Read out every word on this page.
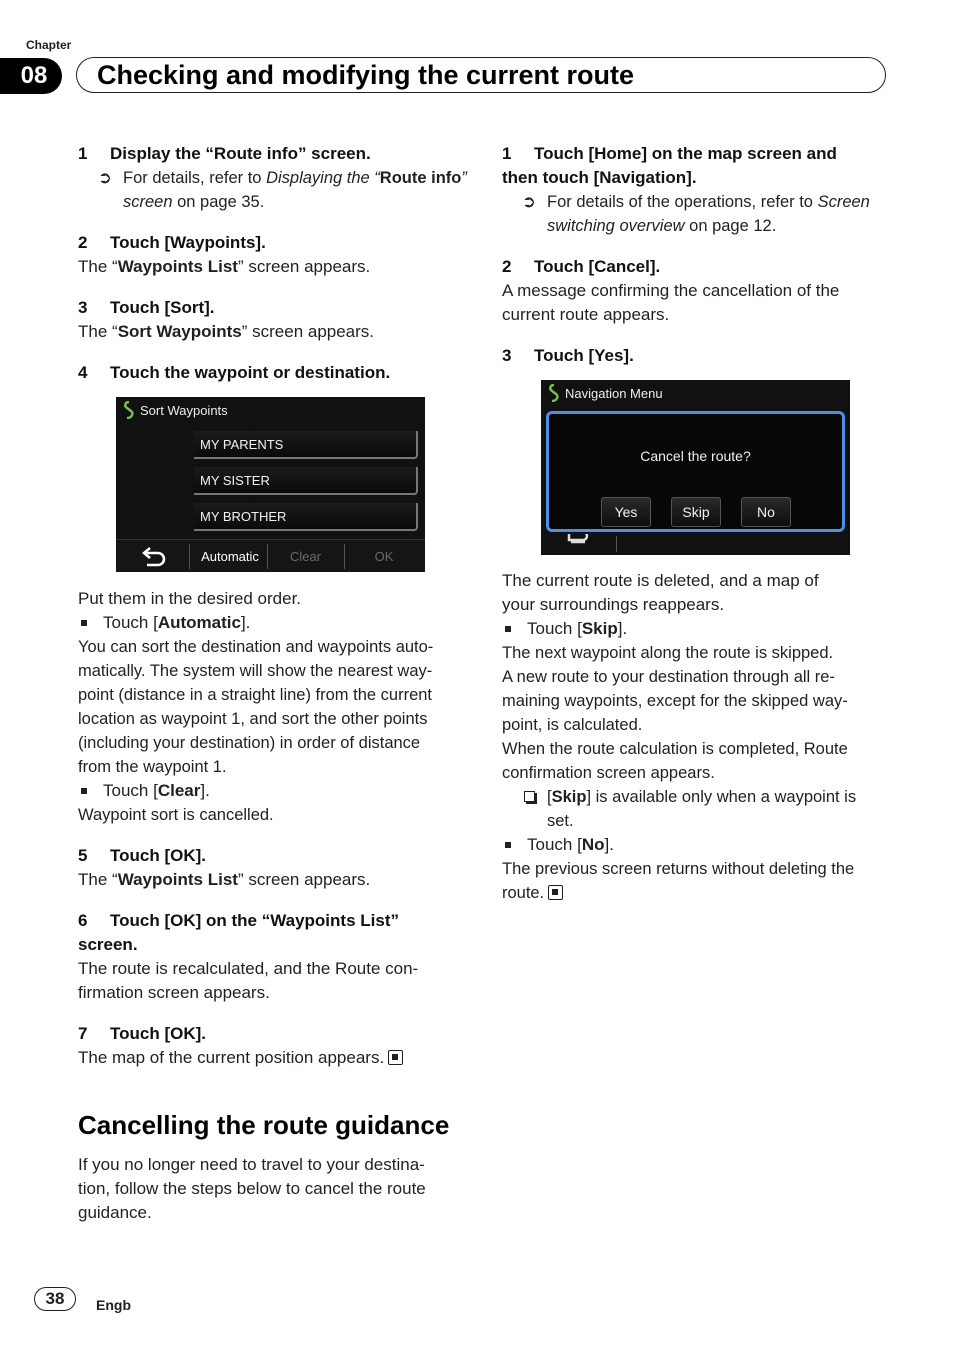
Chapter
08	Checking and modifying the current route

1 Display the “Route info” screen.

➲ For details, refer to Displaying the “Route info” screen on page 35.

2 Touch [Waypoints].

The “Waypoints List” screen appears.

3 Touch [Sort].

The “Sort Waypoints” screen appears.

4 Touch the waypoint or destination.

Sort Waypoints
MY PARENTS
MY SISTER
MY BROTHER
Automatic	Clear	OK

Put them in the desired order.

Touch [Automatic].
You can sort the destination and waypoints auto-
matically. The system will show the nearest way-
point (distance in a straight line) from the current
location as waypoint 1, and sort the other points
(including your destination) in order of distance
from the waypoint 1.
Touch [Clear].

Waypoint sort is cancelled.

5 Touch [OK].

The “Waypoints List” screen appears.

6 Touch [OK] on the “Waypoints List”

screen.

The route is recalculated, and the Route con-
firmation screen appears.

7 Touch [OK].

The map of the current position appears.

Cancelling the route guidance
If you no longer need to travel to your destina-
tion, follow the steps below to cancel the route
guidance.

1 Touch [Home] on the map screen and

then touch [Navigation].

➲ For details of the operations, refer to Screen
switching overview on page 12.

2 Touch [Cancel].

A message confirming the cancellation of the
current route appears.

3 Touch [Yes].

Navigation Menu
Cancel the route?
Yes	Skip	No
The current route is deleted, and a map of
your surroundings reappears.
Touch [Skip].
The next waypoint along the route is skipped.
A new route to your destination through all re-
maining waypoints, except for the skipped way-
point, is calculated.
When the route calculation is completed, Route
confirmation screen appears.
[Skip] is available only when a waypoint is
set.
Touch [No].
The previous screen returns without deleting the
route.
38	Engb
